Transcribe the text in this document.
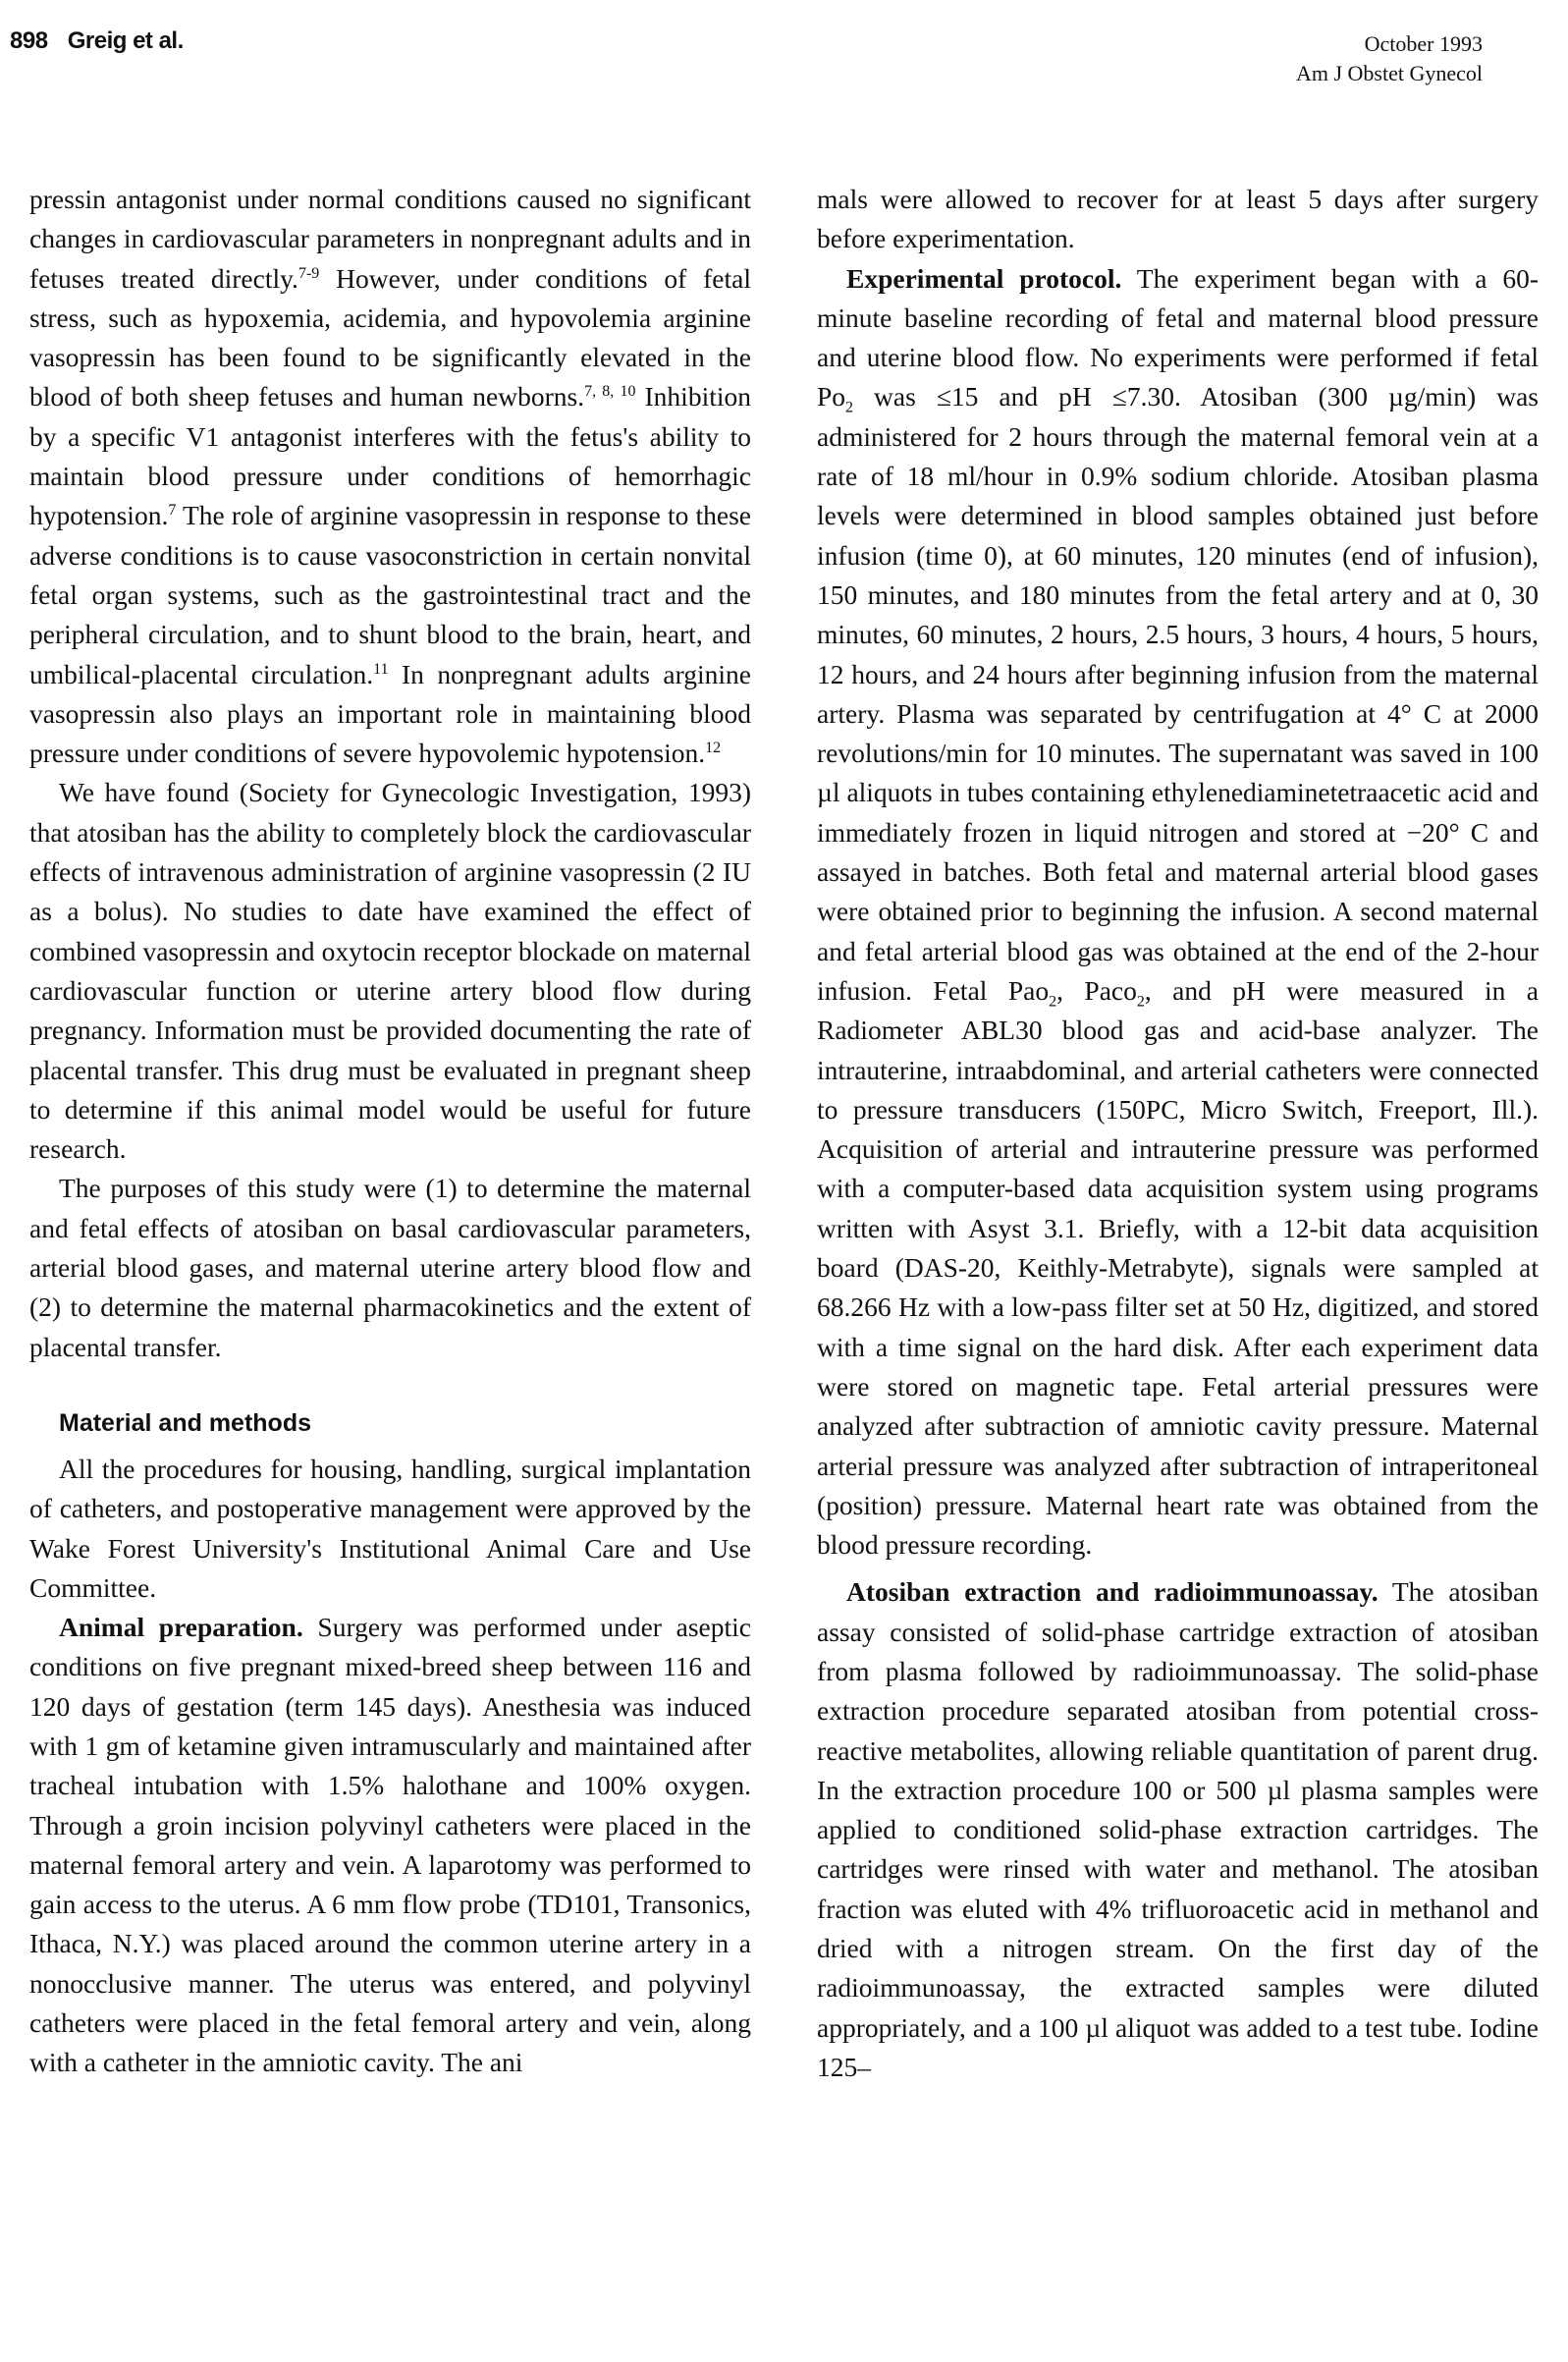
898 Greig et al.	October 1993
Am J Obstet Gynecol

pressin antagonist under normal conditions caused no significant changes in cardiovascular parameters in nonpregnant adults and in fetuses treated directly.$^{7-9}$ However, under conditions of fetal stress, such as hypoxemia, acidemia, and hypovolemia arginine vasopressin has been found to be significantly elevated in the blood of both sheep fetuses and human newborns.$^{7, 8, 10}$ Inhibition by a specific V1 antagonist interferes with the fetus's ability to maintain blood pressure under conditions of hemorrhagic hypotension.$^7$ The role of arginine vasopressin in response to these adverse conditions is to cause vasoconstriction in certain nonvital fetal organ systems, such as the gastrointestinal tract and the peripheral circulation, and to shunt blood to the brain, heart, and umbilical-placental circulation.$^{11}$ In nonpregnant adults arginine vasopressin also plays an important role in maintaining blood pressure under conditions of severe hypovolemic hypotension.$^{12}$

We have found (Society for Gynecologic Investigation, 1993) that atosiban has the ability to completely block the cardiovascular effects of intravenous administration of arginine vasopressin (2 IU as a bolus). No studies to date have examined the effect of combined vasopressin and oxytocin receptor blockade on maternal cardiovascular function or uterine artery blood flow during pregnancy. Information must be provided documenting the rate of placental transfer. This drug must be evaluated in pregnant sheep to determine if this animal model would be useful for future research.

The purposes of this study were (1) to determine the maternal and fetal effects of atosiban on basal cardiovascular parameters, arterial blood gases, and maternal uterine artery blood flow and (2) to determine the maternal pharmacokinetics and the extent of placental transfer.

Material and methods

All the procedures for housing, handling, surgical implantation of catheters, and postoperative management were approved by the Wake Forest University's Institutional Animal Care and Use Committee.

Animal preparation. Surgery was performed under aseptic conditions on five pregnant mixed-breed sheep between 116 and 120 days of gestation (term 145 days). Anesthesia was induced with 1 gm of ketamine given intramuscularly and maintained after tracheal intubation with 1.5% halothane and 100% oxygen. Through a groin incision polyvinyl catheters were placed in the maternal femoral artery and vein. A laparotomy was performed to gain access to the uterus. A 6 mm flow probe (TD101, Transonics, Ithaca, N.Y.) was placed around the common uterine artery in a nonocclusive manner. The uterus was entered, and polyvinyl catheters were placed in the fetal femoral artery and vein, along with a catheter in the amniotic cavity. The ani

mals were allowed to recover for at least 5 days after surgery before experimentation.

Experimental protocol. The experiment began with a 60-minute baseline recording of fetal and maternal blood pressure and uterine blood flow. No experiments were performed if fetal $Po_2$ was ≤15 and pH ≤7.30. Atosiban (300 µg/min) was administered for 2 hours through the maternal femoral vein at a rate of 18 ml/hour in 0.9% sodium chloride. Atosiban plasma levels were determined in blood samples obtained just before infusion (time 0), at 60 minutes, 120 minutes (end of infusion), 150 minutes, and 180 minutes from the fetal artery and at 0, 30 minutes, 60 minutes, 2 hours, 2.5 hours, 3 hours, 4 hours, 5 hours, 12 hours, and 24 hours after beginning infusion from the maternal artery. Plasma was separated by centrifugation at 4° C at 2000 revolutions/min for 10 minutes. The supernatant was saved in 100 µl aliquots in tubes containing ethylenediaminetetraacetic acid and immediately frozen in liquid nitrogen and stored at −20° C and assayed in batches. Both fetal and maternal arterial blood gases were obtained prior to beginning the infusion. A second maternal and fetal arterial blood gas was obtained at the end of the 2-hour infusion. Fetal Pao$_2$, Paco$_2$, and pH were measured in a Radiometer ABL30 blood gas and acid-base analyzer. The intrauterine, intraabdominal, and arterial catheters were connected to pressure transducers (150PC, Micro Switch, Freeport, Ill.). Acquisition of arterial and intrauterine pressure was performed with a computer-based data acquisition system using programs written with Asyst 3.1. Briefly, with a 12-bit data acquisition board (DAS-20, Keithly-Metrabyte), signals were sampled at 68.266 Hz with a low-pass filter set at 50 Hz, digitized, and stored with a time signal on the hard disk. After each experiment data were stored on magnetic tape. Fetal arterial pressures were analyzed after subtraction of amniotic cavity pressure. Maternal arterial pressure was analyzed after subtraction of intraperitoneal (position) pressure. Maternal heart rate was obtained from the blood pressure recording.

Atosiban extraction and radioimmunoassay. The atosiban assay consisted of solid-phase cartridge extraction of atosiban from plasma followed by radioimmunoassay. The solid-phase extraction procedure separated atosiban from potential cross-reactive metabolites, allowing reliable quantitation of parent drug. In the extraction procedure 100 or 500 µl plasma samples were applied to conditioned solid-phase extraction cartridges. The cartridges were rinsed with water and methanol. The atosiban fraction was eluted with 4% trifluoroacetic acid in methanol and dried with a nitrogen stream. On the first day of the radioimmunoassay, the extracted samples were diluted appropriately, and a 100 µl aliquot was added to a test tube. Iodine 125–
